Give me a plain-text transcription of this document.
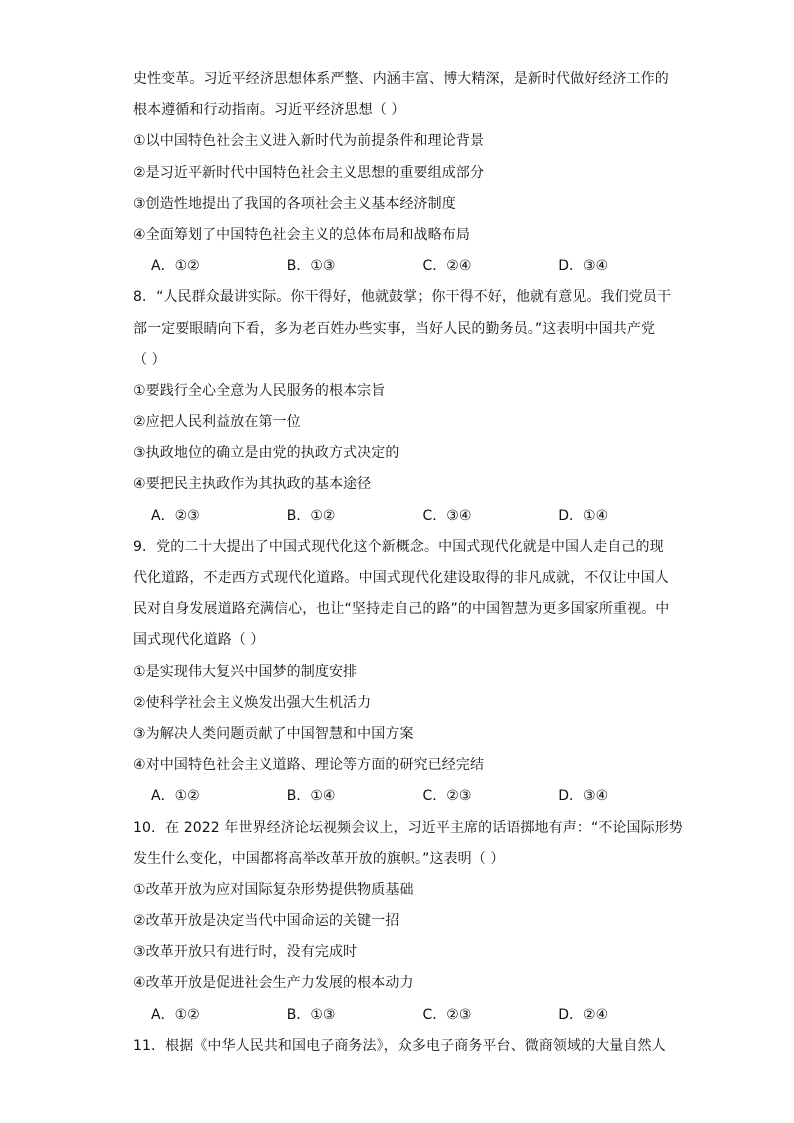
史性变革。习近平经济思想体系严整、内涵丰富、博大精深，是新时代做好经济工作的
根本遵循和行动指南。习近平经济思想（ ）
①以中国特色社会主义进入新时代为前提条件和理论背景
②是习近平新时代中国特色社会主义思想的重要组成部分
③创造性地提出了我国的各项社会主义基本经济制度
④全面筹划了中国特色社会主义的总体布局和战略布局
A．①②	B．①③	C．②④	D．③④
8．“人民群众最讲实际。你干得好，他就鼓掌；你干得不好，他就有意见。我们党员干
部一定要眼睛向下看，多为老百姓办些实事，当好人民的勤务员。”这表明中国共产党
（ ）
①要践行全心全意为人民服务的根本宗旨
②应把人民利益放在第一位
③执政地位的确立是由党的执政方式决定的
④要把民主执政作为其执政的基本途径
A．②③	B．①②	C．③④	D．①④
9．党的二十大提出了中国式现代化这个新概念。中国式现代化就是中国人走自己的现
代化道路，不走西方式现代化道路。中国式现代化建设取得的非凡成就，不仅让中国人
民对自身发展道路充满信心，也让“坚持走自己的路”的中国智慧为更多国家所重视。中
国式现代化道路（ ）
①是实现伟大复兴中国梦的制度安排
②使科学社会主义焕发出强大生机活力
③为解决人类问题贡献了中国智慧和中国方案
④对中国特色社会主义道路、理论等方面的研究已经完结
A．①②	B．①④	C．②③	D．③④
10．在 2022 年世界经济论坛视频会议上，习近平主席的话语掷地有声：“不论国际形势
发生什么变化，中国都将高举改革开放的旗帜。”这表明（ ）
①改革开放为应对国际复杂形势提供物质基础
②改革开放是决定当代中国命运的关键一招
③改革开放只有进行时，没有完成时
④改革开放是促进社会生产力发展的根本动力
A．①②	B．①③	C．②③	D．②④
11．根据《中华人民共和国电子商务法》，众多电子商务平台、微商领域的大量自然人
